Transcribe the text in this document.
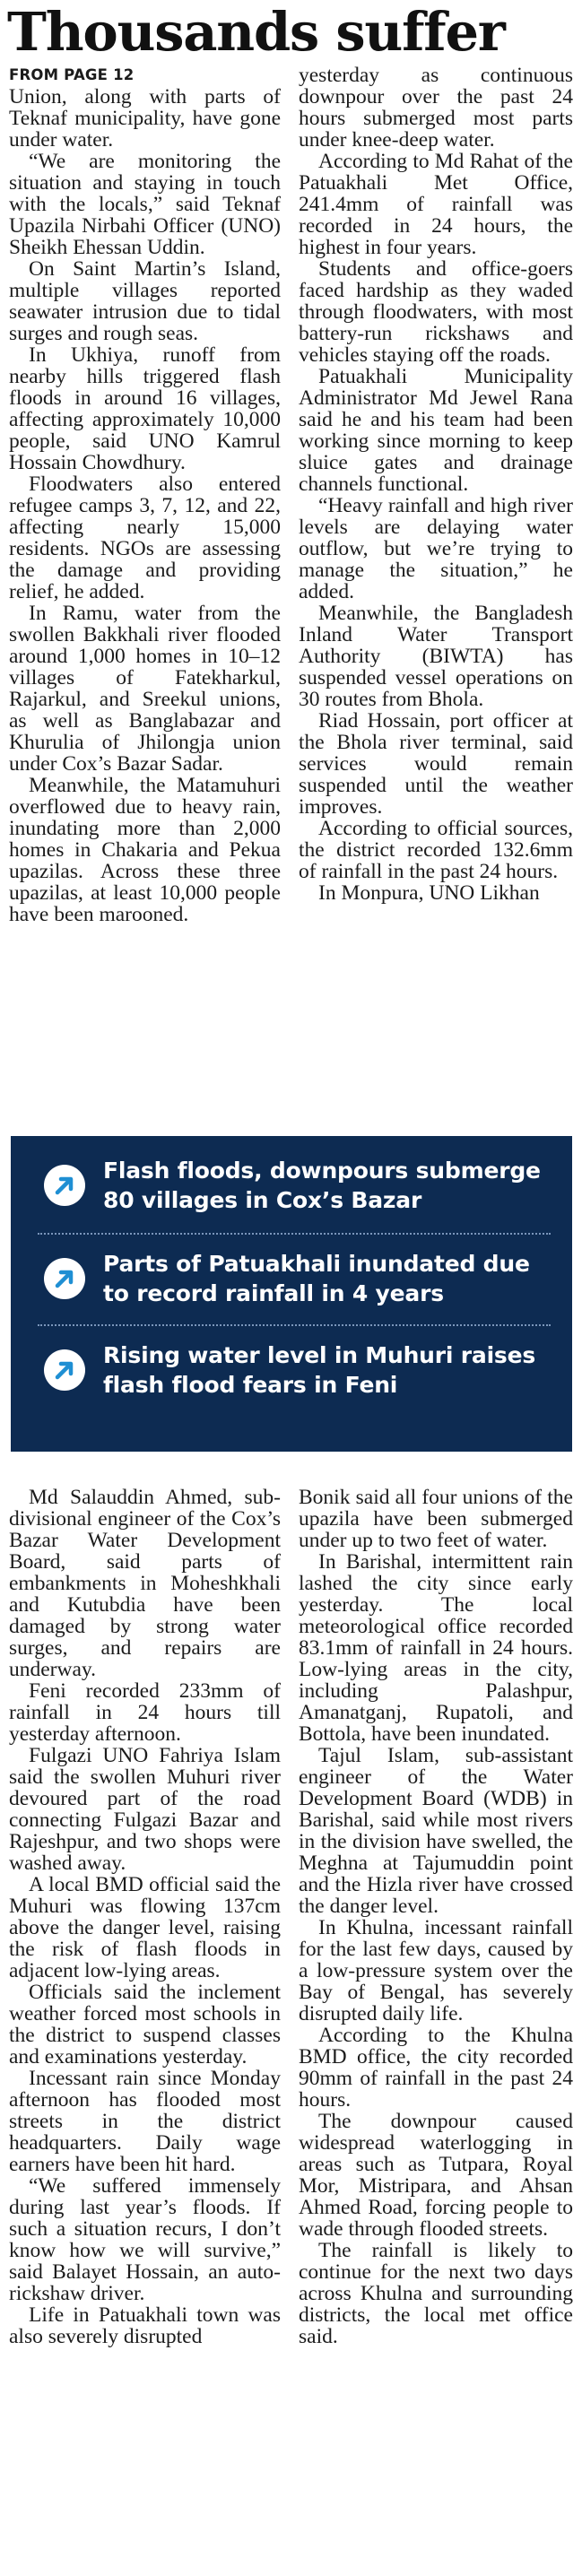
Thousands suffer
FROM PAGE 12

Union, along with parts of Teknaf municipality, have gone under water.

“We are monitoring the situation and staying in touch with the locals,” said Teknaf Upazila Nirbahi Officer (UNO) Sheikh Ehessan Uddin.

On Saint Martin’s Island, multiple villages reported seawater intrusion due to tidal surges and rough seas.

In Ukhiya, runoff from nearby hills triggered flash floods in around 16 villages, affecting approximately 10,000 people, said UNO Kamrul Hossain Chowdhury.

Floodwaters also entered refugee camps 3, 7, 12, and 22, affecting nearly 15,000 residents. NGOs are assessing the damage and providing relief, he added.

In Ramu, water from the swollen Bakkhali river flooded around 1,000 homes in 10–12 villages of Fatekharkul, Rajarkul, and Sreekul unions, as well as Banglabazar and Khurulia of Jhilongja union under Cox’s Bazar Sadar.

Meanwhile, the Matamuhuri overflowed due to heavy rain, inundating more than 2,000 homes in Chakaria and Pekua upazilas. Across these three upazilas, at least 10,000 people have been marooned.

yesterday as continuous downpour over the past 24 hours submerged most parts under knee-deep water.

According to Md Rahat of the Patuakhali Met Office, 241.4mm of rainfall was recorded in 24 hours, the highest in four years.

Students and office-goers faced hardship as they waded through floodwaters, with most battery-run rickshaws and vehicles staying off the roads.

Patuakhali Municipality Administrator Md Jewel Rana said he and his team had been working since morning to keep sluice gates and drainage channels functional.

“Heavy rainfall and high river levels are delaying water outflow, but we’re trying to manage the situation,” he added.

Meanwhile, the Bangladesh Inland Water Transport Authority (BIWTA) has suspended vessel operations on 30 routes from Bhola.

Riad Hossain, port officer at the Bhola river terminal, said services would remain suspended until the weather improves.

According to official sources, the district recorded 132.6mm of rainfall in the past 24 hours.

In Monpura, UNO Likhan

Flash floods, downpours submerge 80 villages in Cox’s Bazar
Parts of Patuakhali inundated due to record rainfall in 4 years
Rising water level in Muhuri raises flash flood fears in Feni

Md Salauddin Ahmed, sub-divisional engineer of the Cox’s Bazar Water Development Board, said parts of embankments in Moheshkhali and Kutubdia have been damaged by strong water surges, and repairs are underway.

Feni recorded 233mm of rainfall in 24 hours till yesterday afternoon.

Fulgazi UNO Fahriya Islam said the swollen Muhuri river devoured part of the road connecting Fulgazi Bazar and Rajeshpur, and two shops were washed away.

A local BMD official said the Muhuri was flowing 137cm above the danger level, raising the risk of flash floods in adjacent low-lying areas.

Officials said the inclement weather forced most schools in the district to suspend classes and examinations yesterday.

Incessant rain since Monday afternoon has flooded most streets in the district headquarters. Daily wage earners have been hit hard.

“We suffered immensely during last year’s floods. If such a situation recurs, I don’t know how we will survive,” said Balayet Hossain, an auto-rickshaw driver.

Life in Patuakhali town was also severely disrupted

Bonik said all four unions of the upazila have been submerged under up to two feet of water.

In Barishal, intermittent rain lashed the city since early yesterday. The local meteorological office recorded 83.1mm of rainfall in 24 hours. Low-lying areas in the city, including Palashpur, Amanatganj, Rupatoli, and Bottola, have been inundated.

Tajul Islam, sub-assistant engineer of the Water Development Board (WDB) in Barishal, said while most rivers in the division have swelled, the Meghna at Tajumuddin point and the Hizla river have crossed the danger level.

In Khulna, incessant rainfall for the last few days, caused by a low-pressure system over the Bay of Bengal, has severely disrupted daily life.

According to the Khulna BMD office, the city recorded 90mm of rainfall in the past 24 hours.

The downpour caused widespread waterlogging in areas such as Tutpara, Royal Mor, Mistripara, and Ahsan Ahmed Road, forcing people to wade through flooded streets.

The rainfall is likely to continue for the next two days across Khulna and surrounding districts, the local met office said.
